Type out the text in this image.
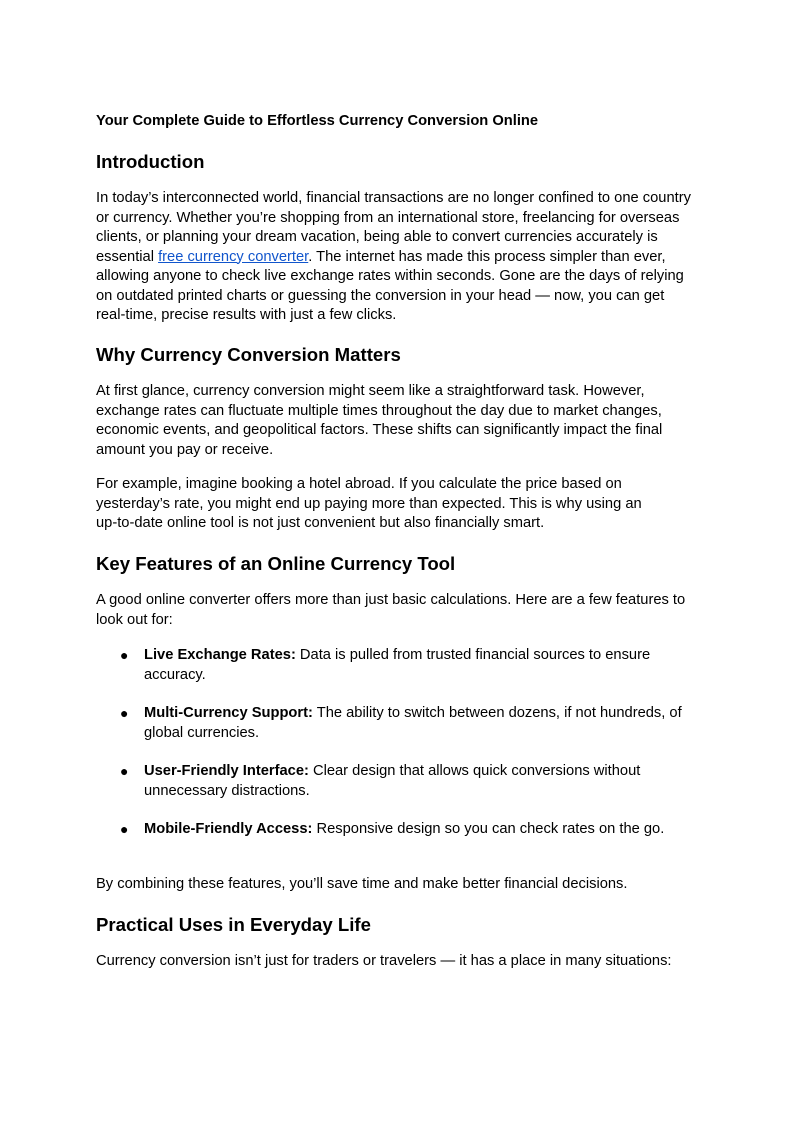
Your Complete Guide to Effortless Currency Conversion Online

Introduction
In today’s interconnected world, financial transactions are no longer confined to one country
or currency. Whether you’re shopping from an international store, freelancing for overseas
clients, or planning your dream vacation, being able to convert currencies accurately is
essential free currency converter. The internet has made this process simpler than ever,
allowing anyone to check live exchange rates within seconds. Gone are the days of relying
on outdated printed charts or guessing the conversion in your head — now, you can get
real-time, precise results with just a few clicks.
Why Currency Conversion Matters
At first glance, currency conversion might seem like a straightforward task. However,
exchange rates can fluctuate multiple times throughout the day due to market changes,
economic events, and geopolitical factors. These shifts can significantly impact the final
amount you pay or receive.
For example, imagine booking a hotel abroad. If you calculate the price based on
yesterday’s rate, you might end up paying more than expected. This is why using an
up-to-date online tool is not just convenient but also financially smart.
Key Features of an Online Currency Tool
A good online converter offers more than just basic calculations. Here are a few features to
look out for:
● Live Exchange Rates: Data is pulled from trusted financial sources to ensure
accuracy.
● Multi-Currency Support: The ability to switch between dozens, if not hundreds, of
global currencies.
● User-Friendly Interface: Clear design that allows quick conversions without
unnecessary distractions.
● Mobile-Friendly Access: Responsive design so you can check rates on the go.
By combining these features, you’ll save time and make better financial decisions.
Practical Uses in Everyday Life
Currency conversion isn’t just for traders or travelers — it has a place in many situations:
